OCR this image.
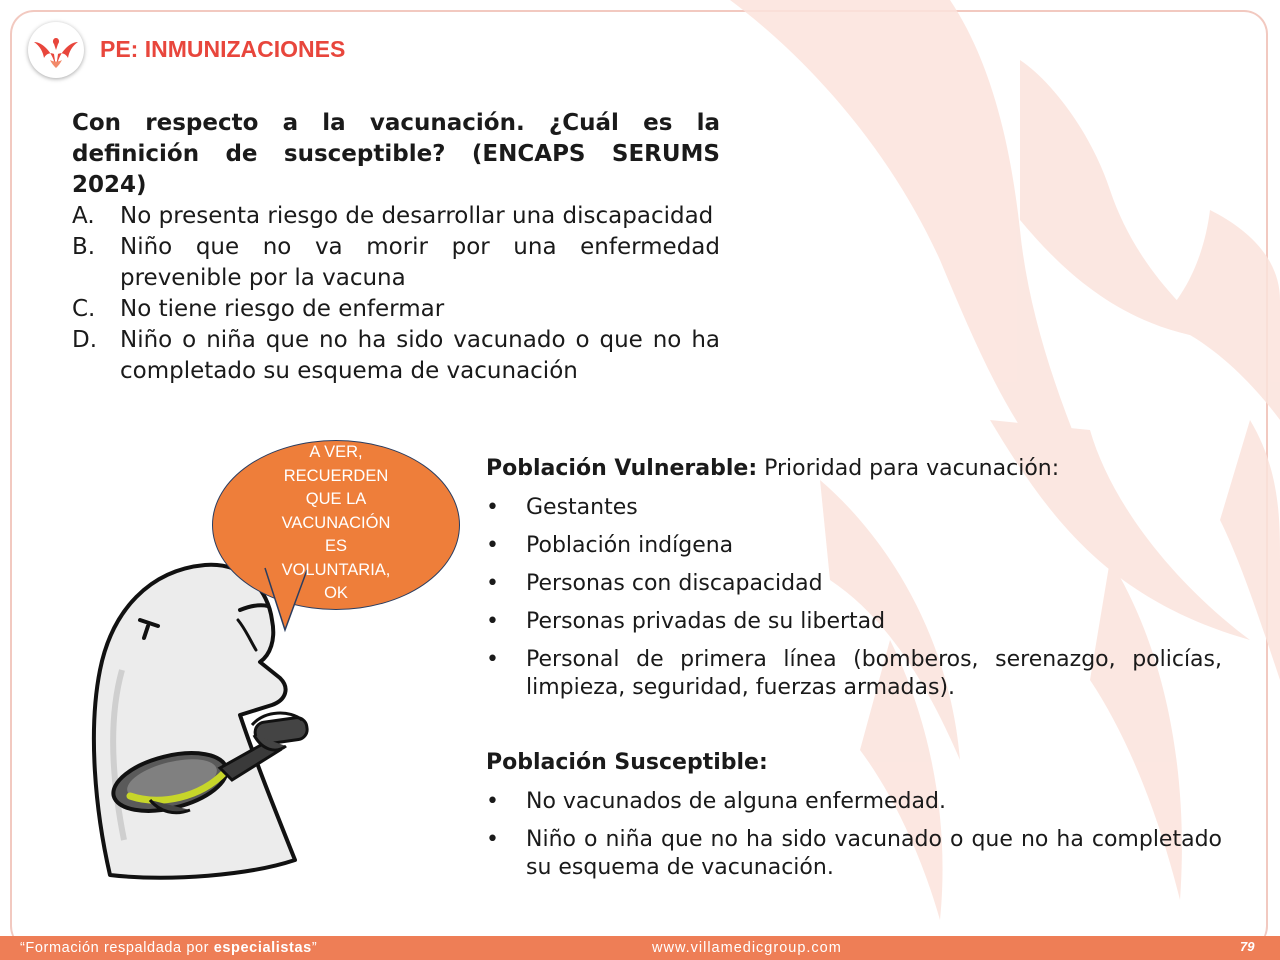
PE: INMUNIZACIONES
Con respecto a la vacunación. ¿Cuál es la definición de susceptible? (ENCAPS SERUMS 2024)
A.	No presenta riesgo de desarrollar una discapacidad
B.	Niño que no va morir por una enfermedad prevenible por la vacuna
C.	No tiene riesgo de enfermar
D. Niño o niña que no ha sido vacunado o que no ha completado su esquema de vacunación
A VER,
RECUERDEN
QUE LA
VACUNACIÓN
ES
VOLUNTARIA,
OK
Población Vulnerable: Prioridad para vacunación:
•	Gestantes
•	Población indígena
•	Personas con discapacidad
•	Personas privadas de su libertad
•	Personal de primera línea (bomberos, serenazgo, policías, limpieza, seguridad, fuerzas armadas).
Población Susceptible:
•	No vacunados de alguna enfermedad.
•	Niño o niña que no ha sido vacunado o que no ha completado su esquema de vacunación.
“Formación respaldada por especialistas”	www.villamedicgroup.com	79
